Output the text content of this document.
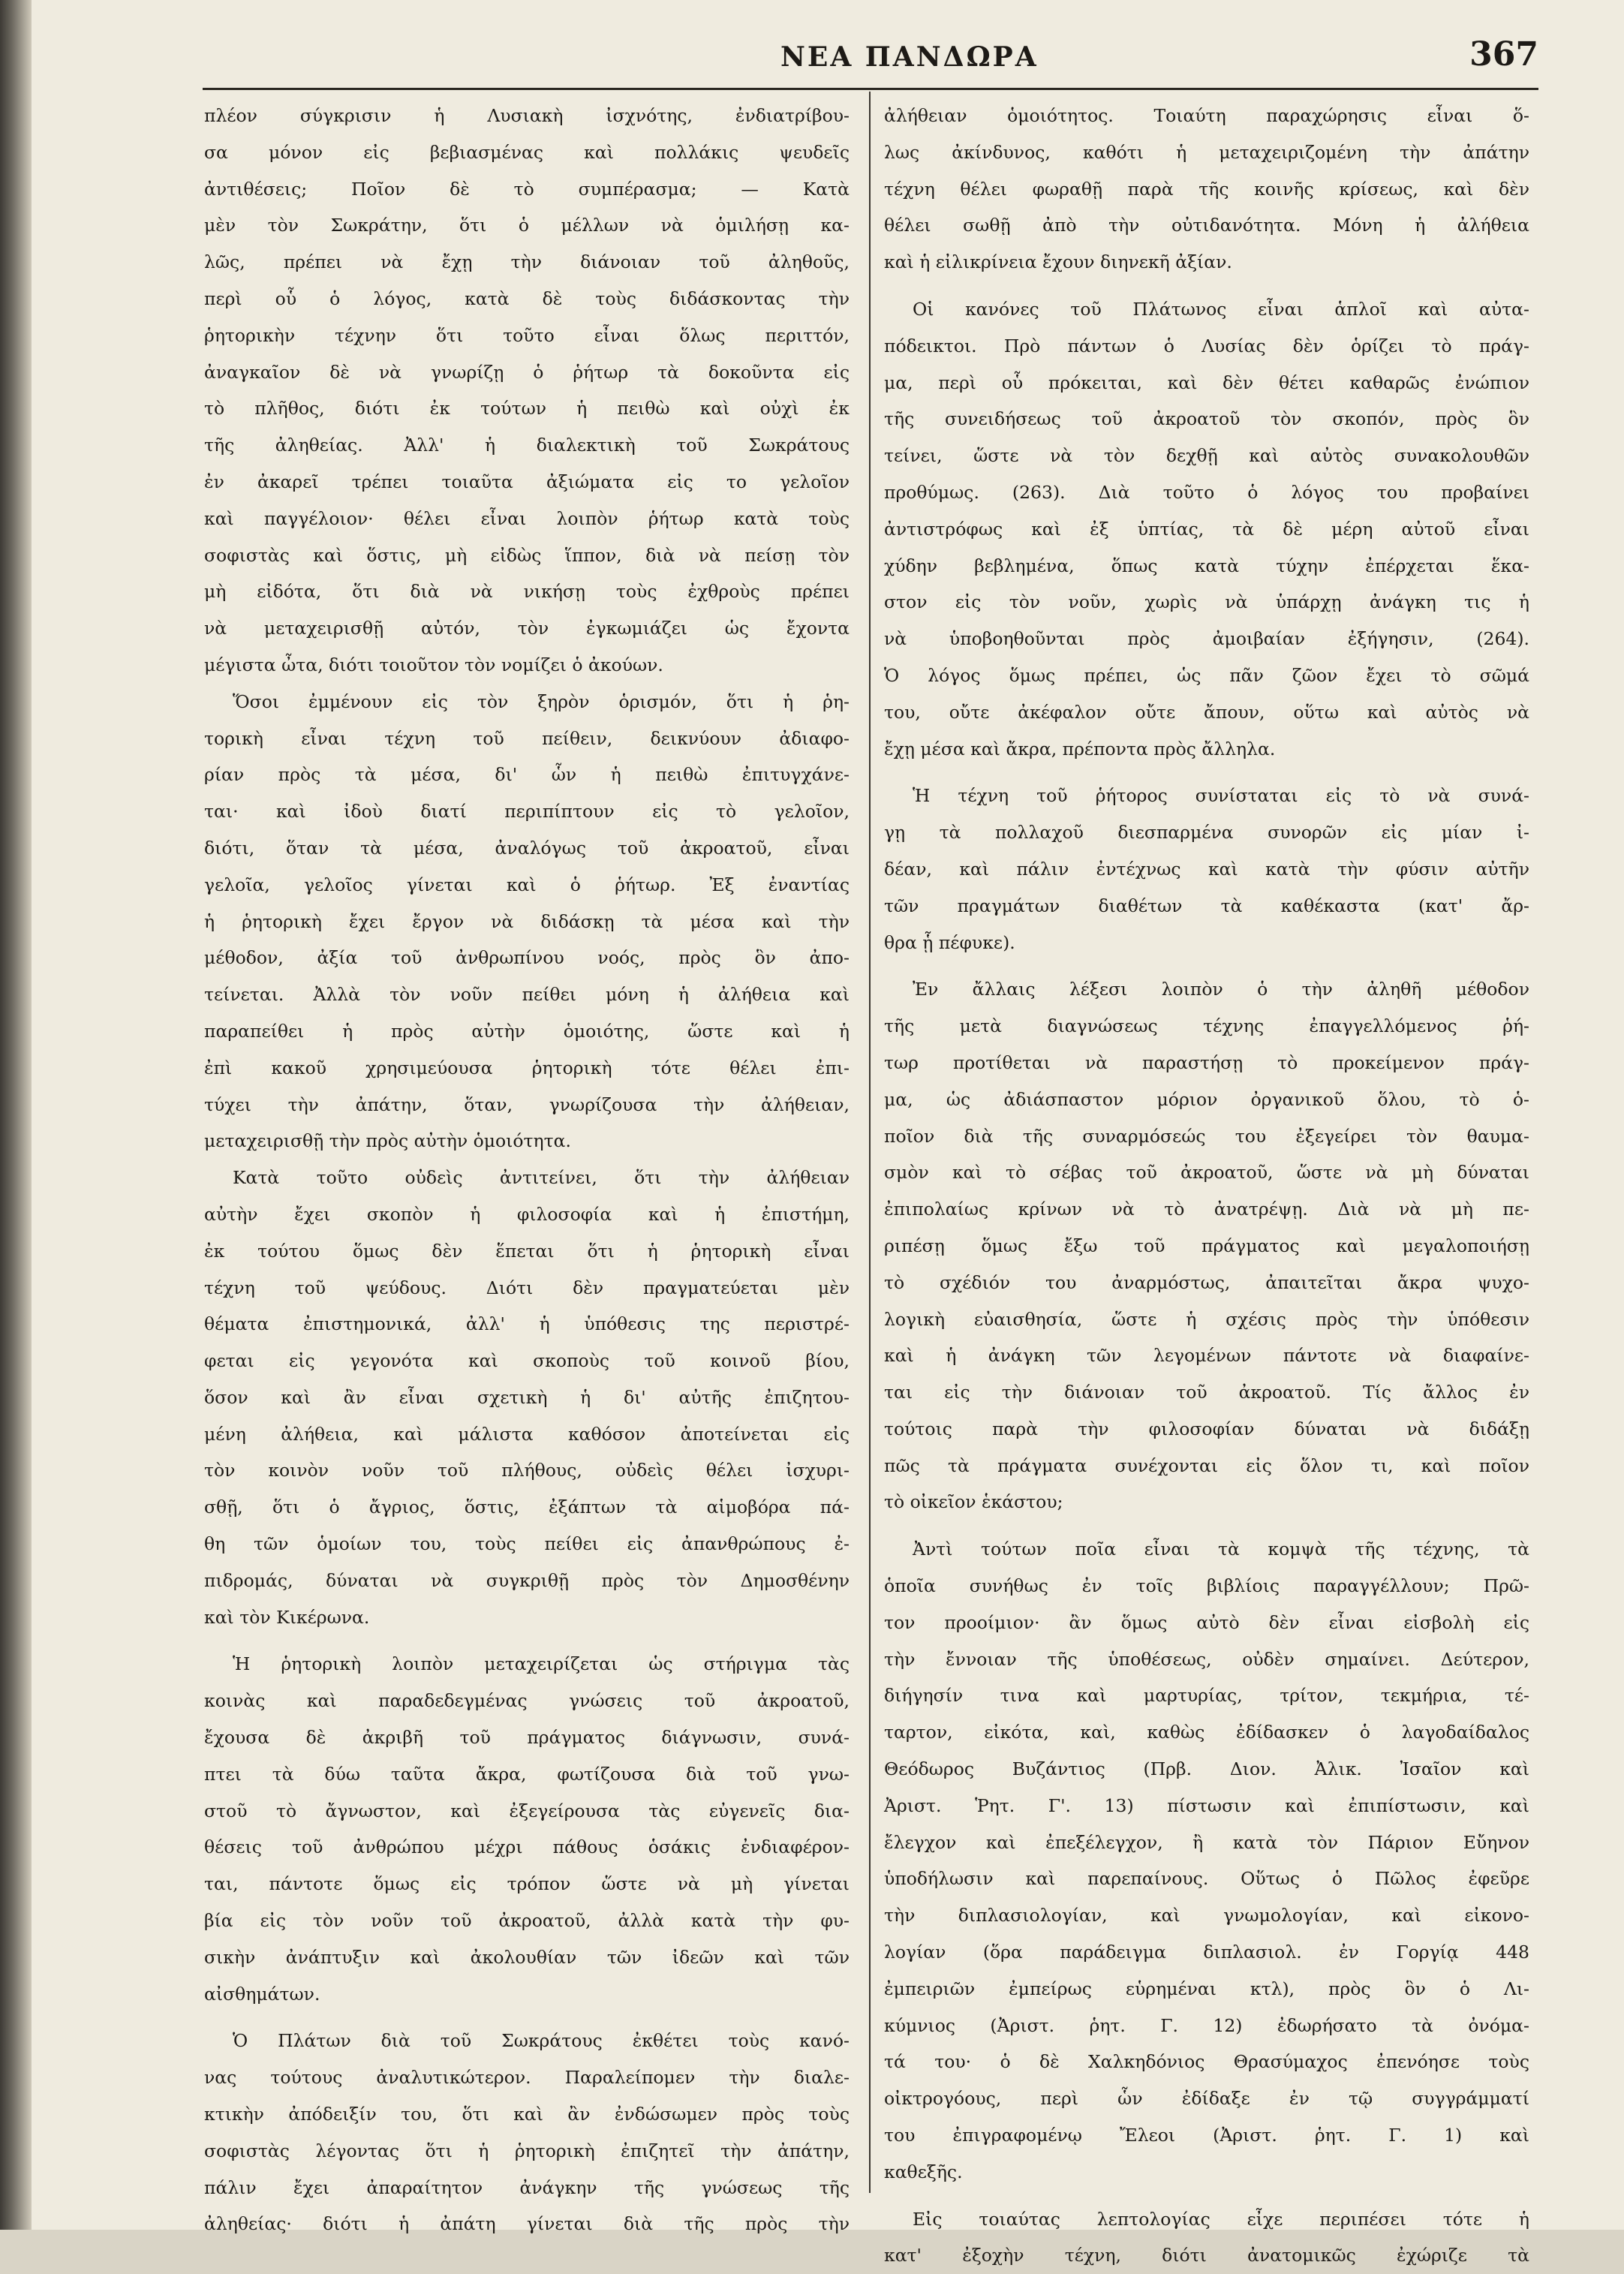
ΝΕΑ ΠΑΝΔΩΡΑ	367
πλέον σύγκρισιν ἡ Λυσιακὴ ἰσχνότης, ἐνδιατρίβου-
σα μόνον εἰς βεβιασμένας καὶ πολλάκις ψευδεῖς
ἀντιθέσεις; Ποῖον δὲ τὸ συμπέρασμα; — Κατὰ
μὲν τὸν Σωκράτην, ὅτι ὁ μέλλων νὰ ὁμιλήσῃ κα-
λῶς, πρέπει νὰ ἔχῃ τὴν διάνοιαν τοῦ ἀληθοῦς,
περὶ οὗ ὁ λόγος, κατὰ δὲ τοὺς διδάσκοντας τὴν
ῥητορικὴν τέχνην ὅτι τοῦτο εἶναι ὅλως περιττόν,
ἀναγκαῖον δὲ νὰ γνωρίζῃ ὁ ῥήτωρ τὰ δοκοῦντα εἰς
τὸ πλῆθος, διότι ἐκ τούτων ἡ πειθὼ καὶ οὐχὶ ἐκ
τῆς ἀληθείας. Ἀλλ' ἡ διαλεκτικὴ τοῦ Σωκράτους
ἐν ἀκαρεῖ τρέπει τοιαῦτα ἀξιώματα εἰς το γελοῖον
καὶ παγγέλοιον· θέλει εἶναι λοιπὸν ῥήτωρ κατὰ τοὺς
σοφιστὰς καὶ ὅστις, μὴ εἰδὼς ἵππον, διὰ νὰ πείσῃ τὸν
μὴ εἰδότα, ὅτι διὰ νὰ νικήσῃ τοὺς ἐχθροὺς πρέπει
νὰ μεταχειρισθῇ αὐτόν, τὸν ἐγκωμιάζει ὡς ἔχοντα
μέγιστα ὦτα, διότι τοιοῦτον τὸν νομίζει ὁ ἀκούων.
Ὅσοι ἐμμένουν εἰς τὸν ξηρὸν ὁρισμόν, ὅτι ἡ ῥη-
τορικὴ εἶναι τέχνη τοῦ πείθειν, δεικνύουν ἀδιαφο-
ρίαν πρὸς τὰ μέσα, δι' ὧν ἡ πειθὼ ἐπιτυγχάνε-
ται· καὶ ἰδοὺ διατί περιπίπτουν εἰς τὸ γελοῖον,
διότι, ὅταν τὰ μέσα, ἀναλόγως τοῦ ἀκροατοῦ, εἶναι
γελοῖα, γελοῖος γίνεται καὶ ὁ ῥήτωρ. Ἐξ ἐναντίας
ἡ ῥητορικὴ ἔχει ἔργον νὰ διδάσκῃ τὰ μέσα καὶ τὴν
μέθοδον, ἀξία τοῦ ἀνθρωπίνου νοός, πρὸς ὃν ἀπο-
τείνεται. Ἀλλὰ τὸν νοῦν πείθει μόνη ἡ ἀλήθεια καὶ
παραπείθει ἡ πρὸς αὐτὴν ὁμοιότης, ὥστε καὶ ἡ
ἐπὶ κακοῦ χρησιμεύουσα ῥητορικὴ τότε θέλει ἐπι-
τύχει τὴν ἀπάτην, ὅταν, γνωρίζουσα τὴν ἀλήθειαν,
μεταχειρισθῇ τὴν πρὸς αὐτὴν ὁμοιότητα.
Κατὰ τοῦτο οὐδεὶς ἀντιτείνει, ὅτι τὴν ἀλήθειαν
αὐτὴν ἔχει σκοπὸν ἡ φιλοσοφία καὶ ἡ ἐπιστήμη,
ἐκ τούτου ὅμως δὲν ἕπεται ὅτι ἡ ῥητορικὴ εἶναι
τέχνη τοῦ ψεύδους. Διότι δὲν πραγματεύεται μὲν
θέματα ἐπιστημονικά, ἀλλ' ἡ ὑπόθεσις της περιστρέ-
φεται εἰς γεγονότα καὶ σκοποὺς τοῦ κοινοῦ βίου,
ὅσον καὶ ἂν εἶναι σχετικὴ ἡ δι' αὐτῆς ἐπιζητου-
μένη ἀλήθεια, καὶ μάλιστα καθόσον ἀποτείνεται εἰς
τὸν κοινὸν νοῦν τοῦ πλήθους, οὐδεὶς θέλει ἰσχυρι-
σθῇ, ὅτι ὁ ἄγριος, ὅστις, ἐξάπτων τὰ αἱμοβόρα πά-
θη τῶν ὁμοίων του, τοὺς πείθει εἰς ἀπανθρώπους ἐ-
πιδρομάς, δύναται νὰ συγκριθῇ πρὸς τὸν Δημοσθένην
καὶ τὸν Κικέρωνα.
Ἡ ῥητορικὴ λοιπὸν μεταχειρίζεται ὡς στήριγμα τὰς
κοινὰς καὶ παραδεδεγμένας γνώσεις τοῦ ἀκροατοῦ,
ἔχουσα δὲ ἀκριβῆ τοῦ πράγματος διάγνωσιν, συνά-
πτει τὰ δύω ταῦτα ἄκρα, φωτίζουσα διὰ τοῦ γνω-
στοῦ τὸ ἄγνωστον, καὶ ἐξεγείρουσα τὰς εὐγενεῖς δια-
θέσεις τοῦ ἀνθρώπου μέχρι πάθους ὁσάκις ἐνδιαφέρον-
ται, πάντοτε ὅμως εἰς τρόπον ὥστε νὰ μὴ γίνεται
βία εἰς τὸν νοῦν τοῦ ἀκροατοῦ, ἀλλὰ κατὰ τὴν φυ-
σικὴν ἀνάπτυξιν καὶ ἀκολουθίαν τῶν ἰδεῶν καὶ τῶν
αἰσθημάτων.
Ὁ Πλάτων διὰ τοῦ Σωκράτους ἐκθέτει τοὺς κανό-
νας τούτους ἀναλυτικώτερον. Παραλείπομεν τὴν διαλε-
κτικὴν ἀπόδειξίν του, ὅτι καὶ ἂν ἐνδώσωμεν πρὸς τοὺς
σοφιστὰς λέγοντας ὅτι ἡ ῥητορικὴ ἐπιζητεῖ τὴν ἀπάτην,
πάλιν ἔχει ἀπαραίτητον ἀνάγκην τῆς γνώσεως τῆς
ἀληθείας· διότι ἡ ἀπάτη γίνεται διὰ τῆς πρὸς τὴν
ἀλήθειαν ὁμοιότητος. Τοιαύτη παραχώρησις εἶναι ὅ-
λως ἀκίνδυνος, καθότι ἡ μεταχειριζομένη τὴν ἀπάτην
τέχνη θέλει φωραθῇ παρὰ τῆς κοινῆς κρίσεως, καὶ δὲν
θέλει σωθῇ ἀπὸ τὴν οὐτιδανότητα. Μόνη ἡ ἀλήθεια
καὶ ἡ εἰλικρίνεια ἔχουν διηνεκῆ ἀξίαν.
Οἱ κανόνες τοῦ Πλάτωνος εἶναι ἁπλοῖ καὶ αὐτα-
πόδεικτοι. Πρὸ πάντων ὁ Λυσίας δὲν ὁρίζει τὸ πράγ-
μα, περὶ οὗ πρόκειται, καὶ δὲν θέτει καθαρῶς ἐνώπιον
τῆς συνειδήσεως τοῦ ἀκροατοῦ τὸν σκοπόν, πρὸς ὃν
τείνει, ὥστε νὰ τὸν δεχθῇ καὶ αὐτὸς συνακολουθῶν
προθύμως. (263). Διὰ τοῦτο ὁ λόγος του προβαίνει
ἀντιστρόφως καὶ ἐξ ὑπτίας, τὰ δὲ μέρη αὐτοῦ εἶναι
χύδην βεβλημένα, ὅπως κατὰ τύχην ἐπέρχεται ἕκα-
στον εἰς τὸν νοῦν, χωρὶς νὰ ὑπάρχῃ ἀνάγκη τις ἡ
νὰ ὑποβοηθοῦνται πρὸς ἀμοιβαίαν ἐξήγησιν, (264).
Ὁ λόγος ὅμως πρέπει, ὡς πᾶν ζῶον ἔχει τὸ σῶμά
του, οὔτε ἀκέφαλον οὔτε ἄπουν, οὕτω καὶ αὐτὸς νὰ
ἔχῃ μέσα καὶ ἄκρα, πρέποντα πρὸς ἄλληλα.
Ἡ τέχνη τοῦ ῥήτορος συνίσταται εἰς τὸ νὰ συνά-
γῃ τὰ πολλαχοῦ διεσπαρμένα συνορῶν εἰς μίαν ἰ-
δέαν, καὶ πάλιν ἐντέχνως καὶ κατὰ τὴν φύσιν αὐτῆν
τῶν πραγμάτων διαθέτων τὰ καθέκαστα (κατ' ἄρ-
θρα ᾗ πέφυκε).
Ἐν ἄλλαις λέξεσι λοιπὸν ὁ τὴν ἀληθῆ μέθοδον
τῆς μετὰ διαγνώσεως τέχνης ἐπαγγελλόμενος ῥή-
τωρ προτίθεται νὰ παραστήσῃ τὸ προκείμενον πράγ-
μα, ὡς ἀδιάσπαστον μόριον ὀργανικοῦ ὅλου, τὸ ὁ-
ποῖον διὰ τῆς συναρμόσεώς του ἐξεγείρει τὸν θαυμα-
σμὸν καὶ τὸ σέβας τοῦ ἀκροατοῦ, ὥστε νὰ μὴ δύναται
ἐπιπολαίως κρίνων νὰ τὸ ἀνατρέψῃ. Διὰ νὰ μὴ πε-
ριπέσῃ ὅμως ἔξω τοῦ πράγματος καὶ μεγαλοποιήσῃ
τὸ σχέδιόν του ἀναρμόστως, ἀπαιτεῖται ἄκρα ψυχο-
λογικὴ εὐαισθησία, ὥστε ἡ σχέσις πρὸς τὴν ὑπόθεσιν
καὶ ἡ ἀνάγκη τῶν λεγομένων πάντοτε νὰ διαφαίνε-
ται εἰς τὴν διάνοιαν τοῦ ἀκροατοῦ. Τίς ἄλλος ἐν
τούτοις παρὰ τὴν φιλοσοφίαν δύναται νὰ διδάξῃ
πῶς τὰ πράγματα συνέχονται εἰς ὅλον τι, καὶ ποῖον
τὸ οἰκεῖον ἑκάστου;
Ἀντὶ τούτων ποῖα εἶναι τὰ κομψὰ τῆς τέχνης, τὰ
ὁποῖα συνήθως ἐν τοῖς βιβλίοις παραγγέλλουν; Πρῶ-
τον προοίμιον· ἂν ὅμως αὐτὸ δὲν εἶναι εἰσβολὴ εἰς
τὴν ἔννοιαν τῆς ὑποθέσεως, οὐδὲν σημαίνει. Δεύτερον,
διήγησίν τινα καὶ μαρτυρίας, τρίτον, τεκμήρια, τέ-
ταρτον, εἰκότα, καὶ, καθὼς ἐδίδασκεν ὁ λαγοδαίδαλος
Θεόδωρος Βυζάντιος (Πρβ. Διον. Ἀλικ. Ἰσαῖον καὶ
Ἀριστ. Ῥητ. Γ'. 13) πίστωσιν καὶ ἐπιπίστωσιν, καὶ
ἔλεγχον καὶ ἐπεξέλεγχον, ἢ κατὰ τὸν Πάριον Εὔηνον
ὑποδήλωσιν καὶ παρεπαίνους. Οὕτως ὁ Πῶλος ἐφεῦρε
τὴν διπλασιολογίαν, καὶ γνωμολογίαν, καὶ εἰκονο-
λογίαν (ὅρα παράδειγμα διπλασιολ. ἐν Γοργίᾳ 448
ἐμπειριῶν ἐμπείρως εὑρημέναι κτλ), πρὸς ὃν ὁ Λι-
κύμνιος (Ἀριστ. ῥητ. Γ. 12) ἐδωρήσατο τὰ ὀνόμα-
τά του· ὁ δὲ Χαλκηδόνιος Θρασύμαχος ἐπενόησε τοὺς
οἰκτρογόους, περὶ ὧν ἐδίδαξε ἐν τῷ συγγράμματί
του ἐπιγραφομένῳ Ἔλεοι (Ἀριστ. ῥητ. Γ. 1) καὶ
καθεξῆς.
Εἰς τοιαύτας λεπτολογίας εἶχε περιπέσει τότε ἡ
κατ' ἐξοχὴν τέχνη, διότι ἀνατομικῶς ἐχώριζε τὰ
